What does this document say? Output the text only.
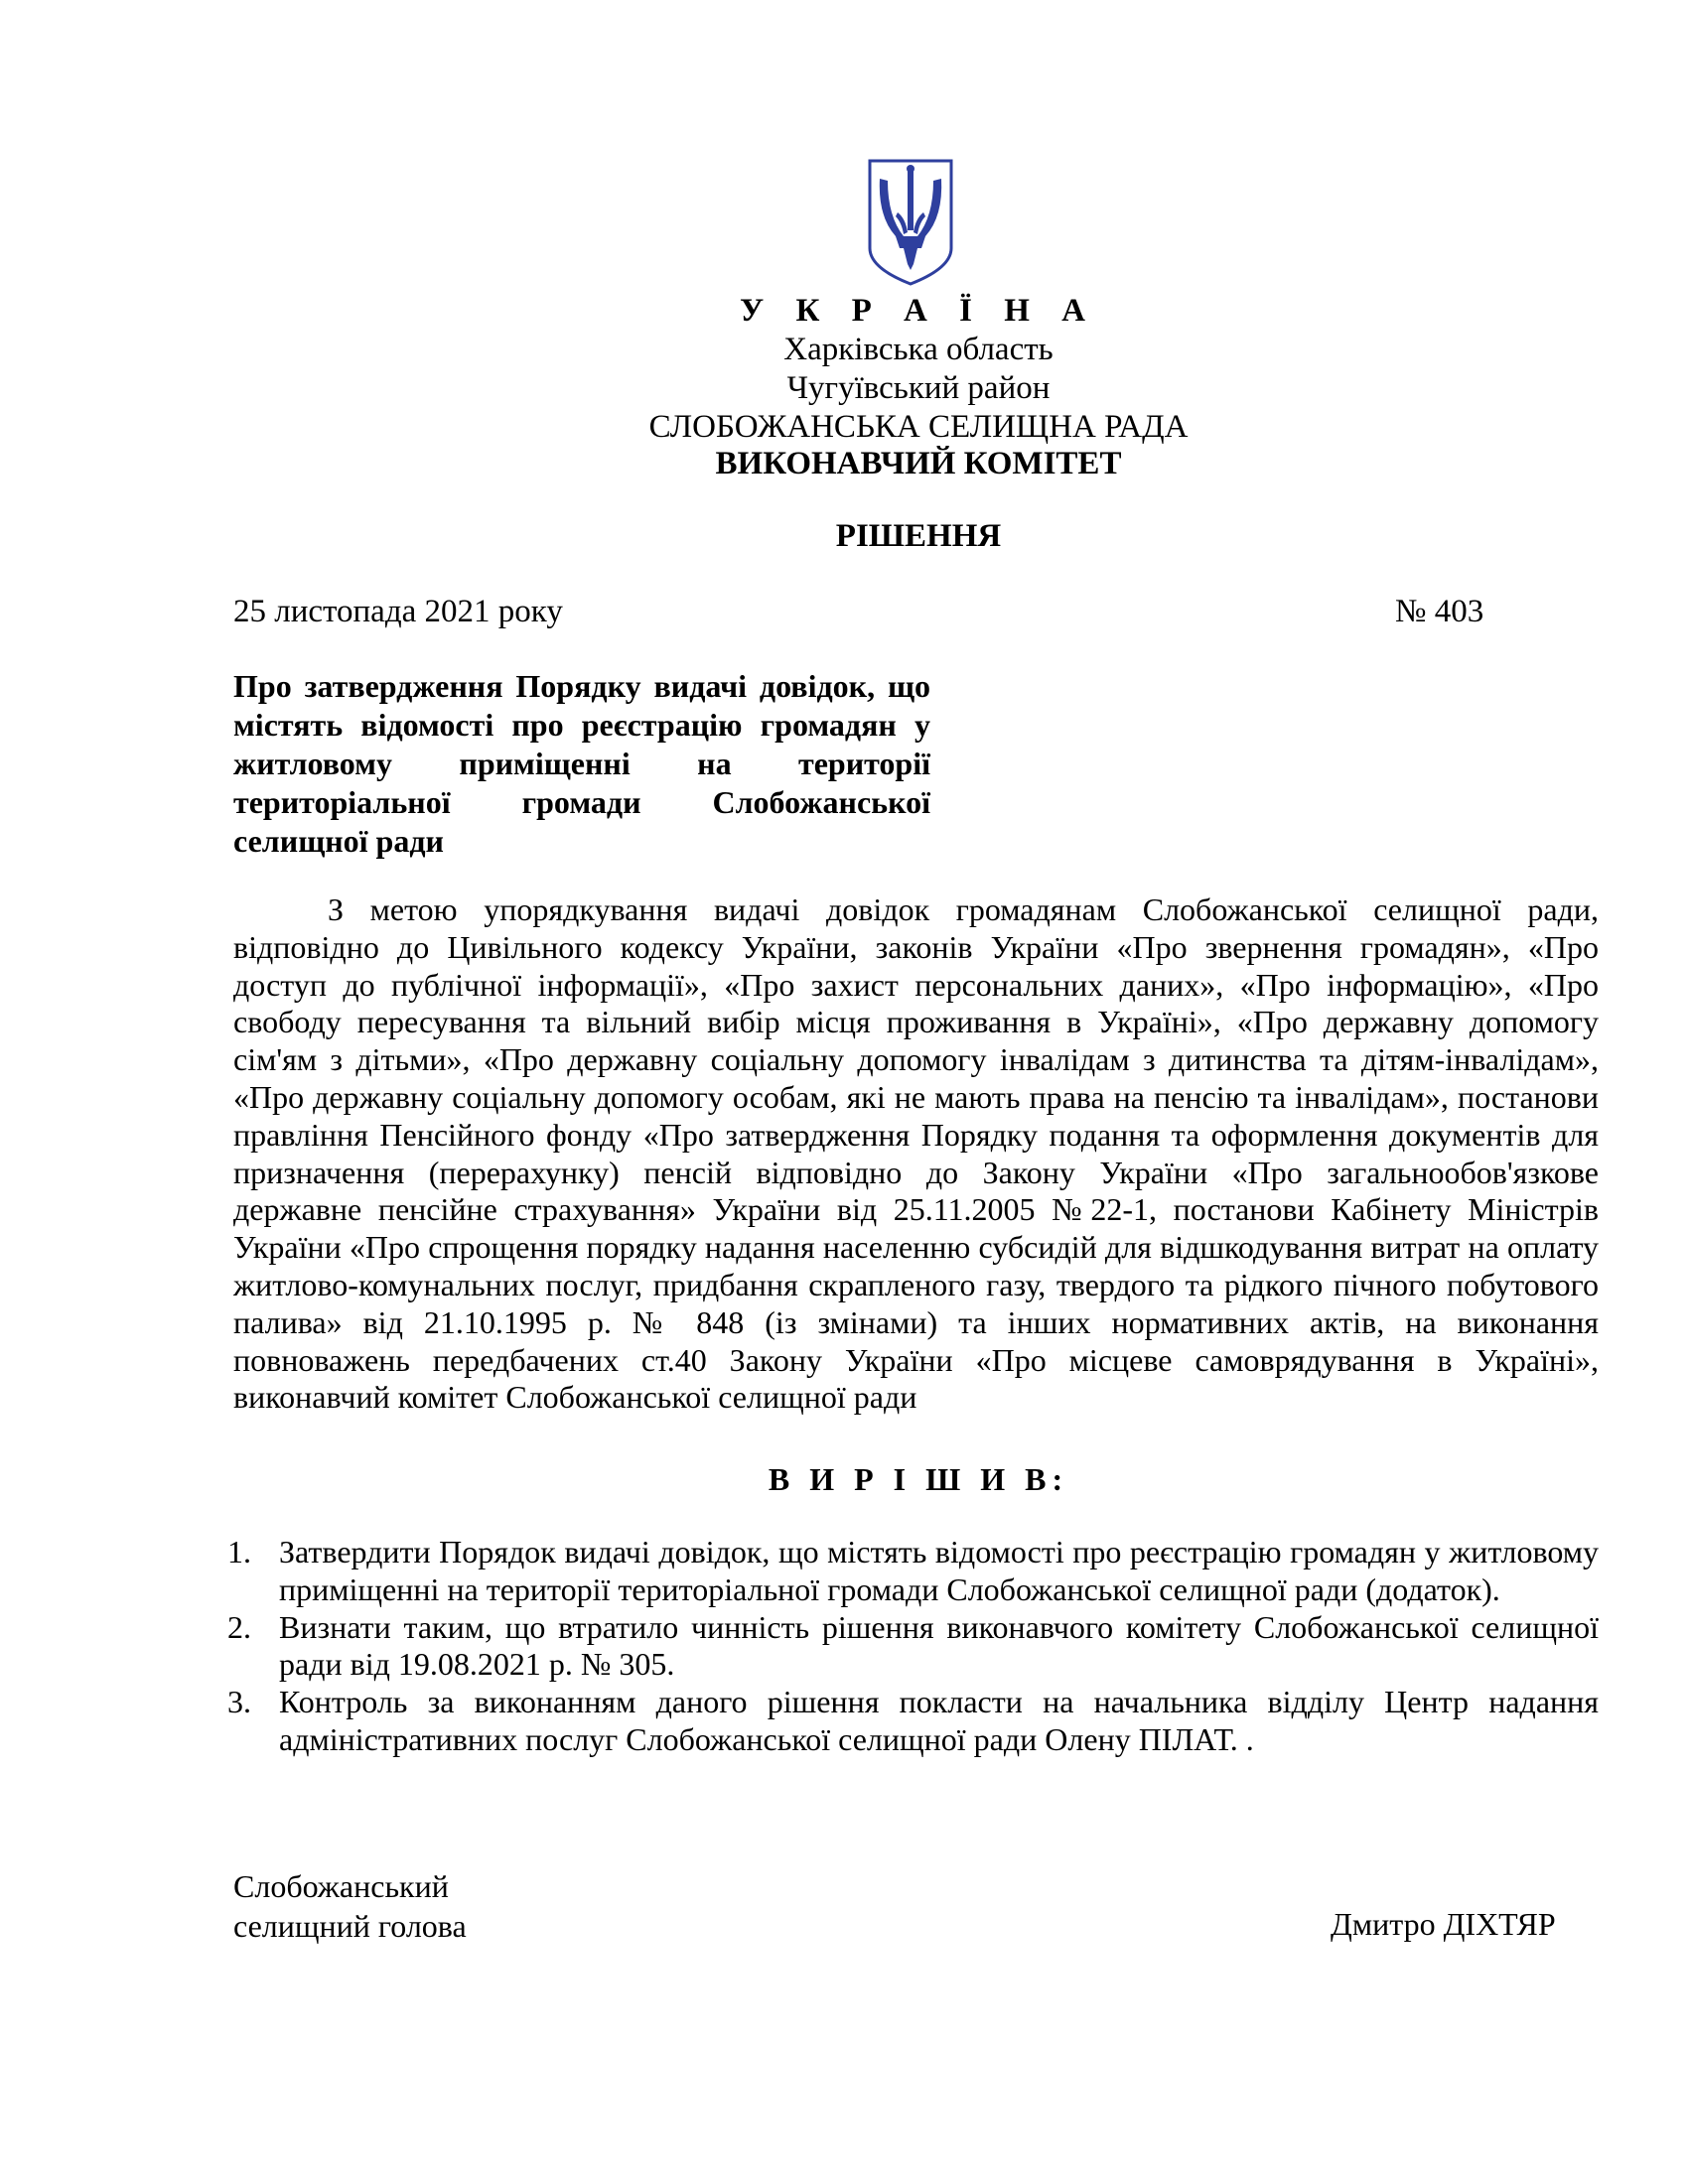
У К Р А Ї Н А
Харківська область
Чугуївський район
СЛОБОЖАНСЬКА СЕЛИЩНА РАДА
ВИКОНАВЧИЙ КОМІТЕТ
РІШЕННЯ
25 листопада 2021 року	№ 403
Про затвердження Порядку видачі довідок, що містять відомості про реєстрацію громадян у житловому приміщенні на території територіальної громади Слобожанської селищної ради
З метою упорядкування видачі довідок громадянам Слобожанської селищної ради, відповідно до Цивільного кодексу України, законів України «Про звернення громадян», «Про доступ до публічної інформації», «Про захист персональних даних», «Про інформацію», «Про свободу пересування та вільний вибір місця проживання в Україні», «Про державну допомогу сім'ям з дітьми», «Про державну соціальну допомогу інвалідам з дитинства та дітям-інвалідам», «Про державну соціальну допомогу особам, які не мають права на пенсію та інвалідам», постанови правління Пенсійного фонду «Про затвердження Порядку подання та оформлення документів для призначення (перерахунку) пенсій відповідно до Закону України «Про загальнообов'язкове державне пенсійне страхування» України від 25.11.2005 №22-1, постанови Кабінету Міністрів України «Про спрощення порядку надання населенню субсидій для відшкодування витрат на оплату житлово-комунальних послуг, придбання скрапленого газу, твердого та рідкого пічного побутового палива» від 21.10.1995 р. № 848 (із змінами) та інших нормативних актів, на виконання повноважень передбачених ст.40 Закону України «Про місцеве самоврядування в Україні», виконавчий комітет Слобожанської селищної ради
В И Р І Ш И В:
1. Затвердити Порядок видачі довідок, що містять відомості про реєстрацію громадян у житловому приміщенні на території територіальної громади Слобожанської селищної ради (додаток).
2. Визнати таким, що втратило чинність рішення виконавчого комітету Слобожанської селищної ради від 19.08.2021 р. № 305.
3. Контроль за виконанням даного рішення покласти на начальника відділу Центр надання адміністративних послуг Слобожанської селищної ради Олену ПІЛАТ. .
Слобожанський
селищний голова	Дмитро ДІХТЯР
